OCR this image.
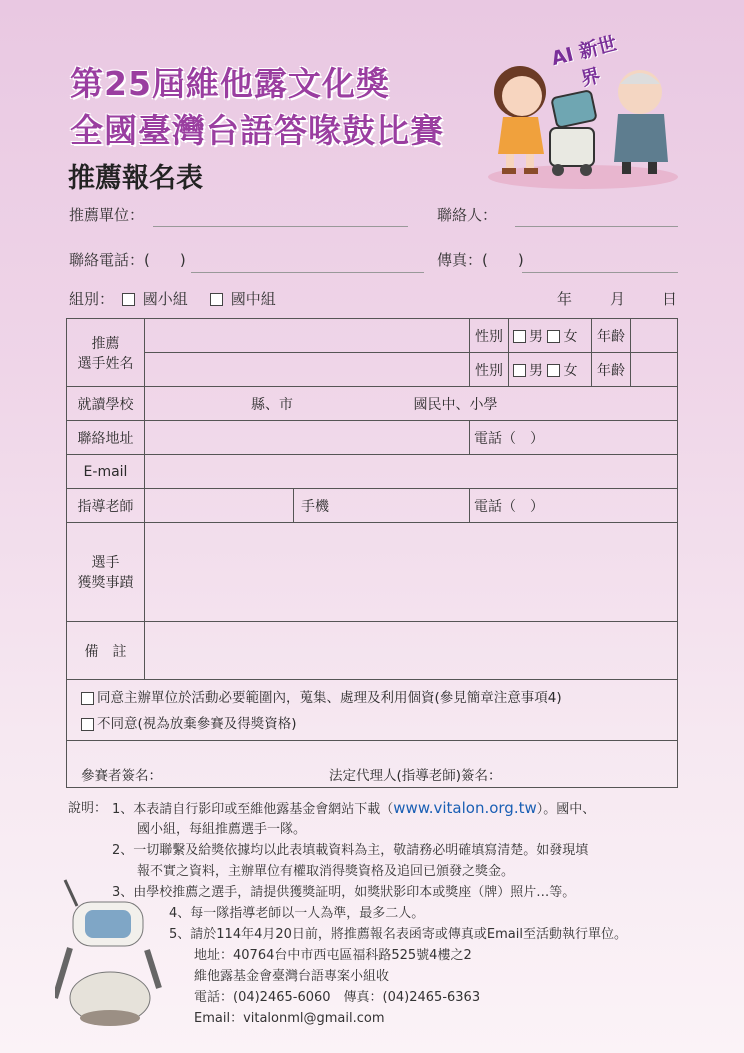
第25屆維他露文化獎
全國臺灣台語答喙鼓比賽
推薦報名表
AI 新世界
推薦單位：	聯絡人：
聯絡電話：(　　)	傳真：(　　)
組別：	國小組	國中組	年	月 日
推薦
選手姓名		性別	男 女	年齡	
		性別	男 女	年齡	
就讀學校	縣、市 國民中、小學				
聯絡地址		電話（　）			
E-mail					
指導老師	手機	電話（　）			

選手
獲獎事蹟					

備　註					
同意主辦單位於活動必要範圍內，蒐集、處理及利用個資(參見簡章注意事項4)
不同意(視為放棄參賽及得獎資格)
參賽者簽名：	法定代理人(指導老師)簽名：
說明： 1、本表請自行影印或至維他露基金會網站下載（www.vitalon.org.tw）。國中、
國小組，每組推薦選手一隊。
2、一切聯繫及給獎依據均以此表填載資料為主，敬請務必明確填寫清楚。如發現填
報不實之資料，主辦單位有權取消得獎資格及追回已頒發之獎金。
3、由學校推薦之選手，請提供獲獎証明，如獎狀影印本或獎座（牌）照片…等。
4、每一隊指導老師以一人為準，最多二人。
5、請於114年4月20日前，將推薦報名表函寄或傳真或Email至活動執行單位。
地址：40764台中市西屯區福科路525號4樓之2
維他露基金會臺灣台語專案小組收
電話：(04)2465-6060　傳真：(04)2465-6363
Email：vitalonml@gmail.com
